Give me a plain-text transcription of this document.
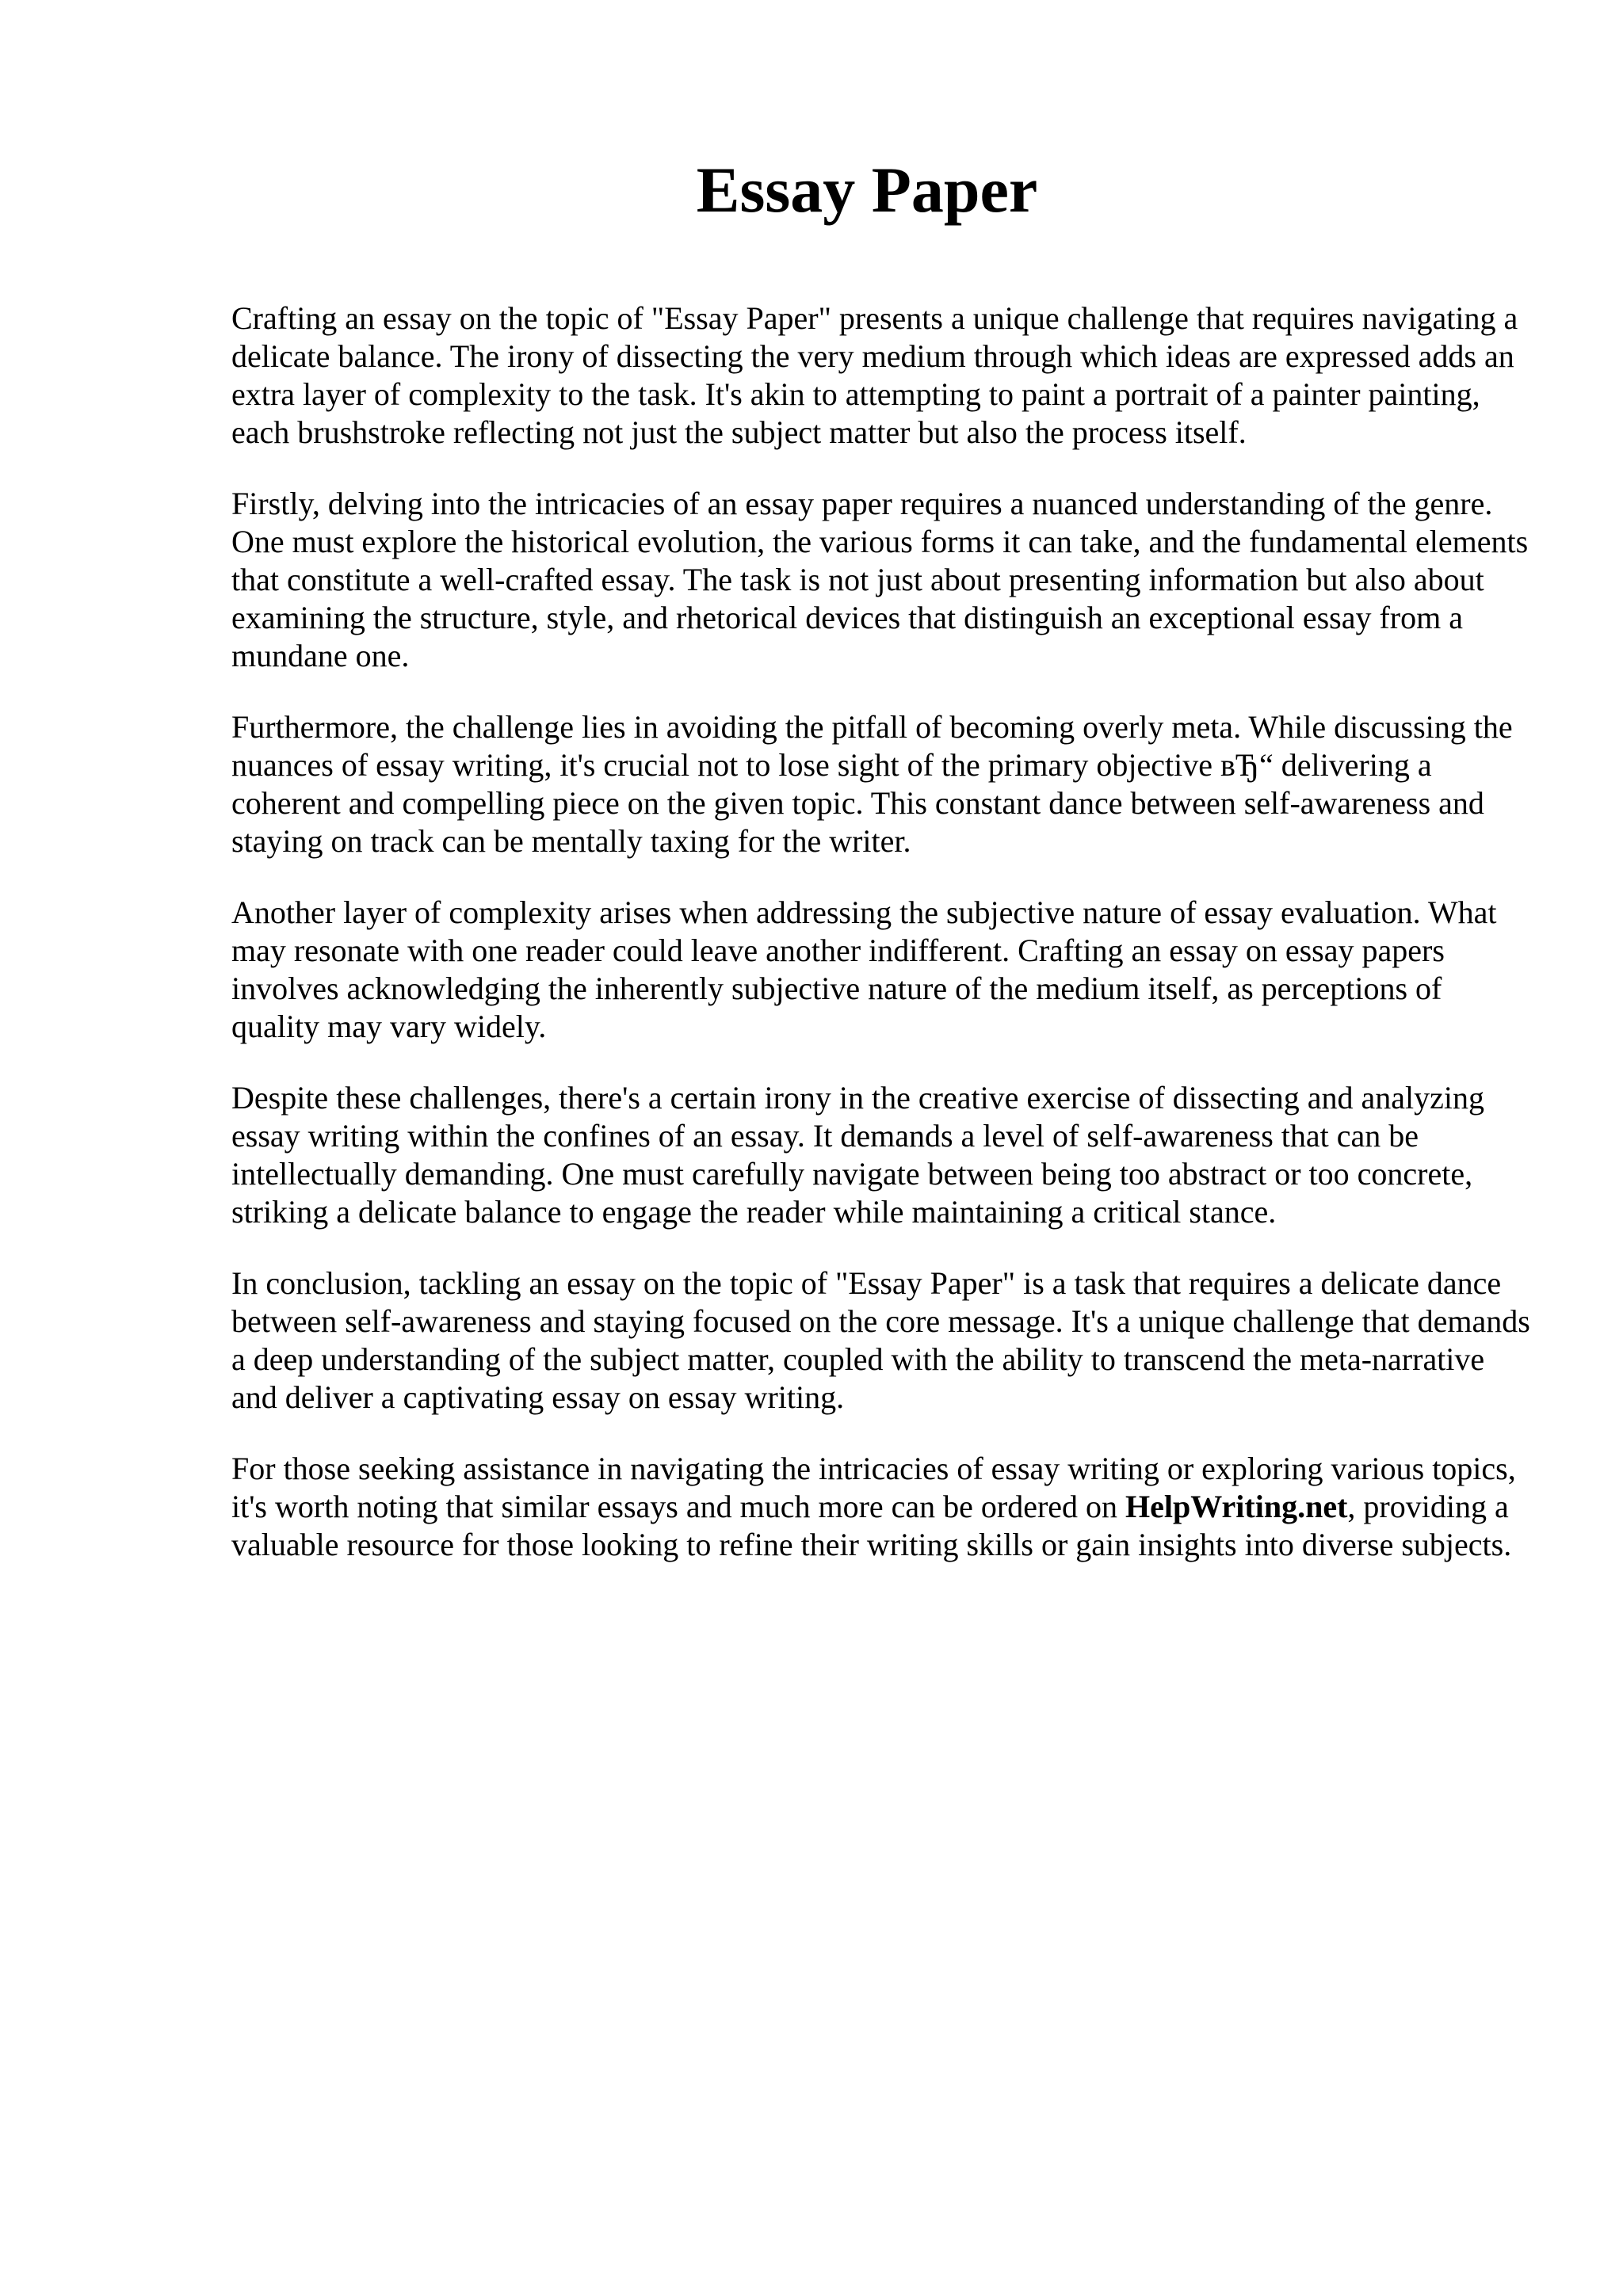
Essay Paper

Crafting an essay on the topic of "Essay Paper" presents a unique challenge that requires navigating a delicate balance. The irony of dissecting the very medium through which ideas are expressed adds an extra layer of complexity to the task. It's akin to attempting to paint a portrait of a painter painting, each brushstroke reflecting not just the subject matter but also the process itself.

Firstly, delving into the intricacies of an essay paper requires a nuanced understanding of the genre. One must explore the historical evolution, the various forms it can take, and the fundamental elements that constitute a well-crafted essay. The task is not just about presenting information but also about examining the structure, style, and rhetorical devices that distinguish an exceptional essay from a mundane one.

Furthermore, the challenge lies in avoiding the pitfall of becoming overly meta. While discussing the nuances of essay writing, it's crucial not to lose sight of the primary objective вЂ“ delivering a coherent and compelling piece on the given topic. This constant dance between self-awareness and staying on track can be mentally taxing for the writer.

Another layer of complexity arises when addressing the subjective nature of essay evaluation. What may resonate with one reader could leave another indifferent. Crafting an essay on essay papers involves acknowledging the inherently subjective nature of the medium itself, as perceptions of quality may vary widely.

Despite these challenges, there's a certain irony in the creative exercise of dissecting and analyzing essay writing within the confines of an essay. It demands a level of self-awareness that can be intellectually demanding. One must carefully navigate between being too abstract or too concrete, striking a delicate balance to engage the reader while maintaining a critical stance.

In conclusion, tackling an essay on the topic of "Essay Paper" is a task that requires a delicate dance between self-awareness and staying focused on the core message. It's a unique challenge that demands a deep understanding of the subject matter, coupled with the ability to transcend the meta-narrative and deliver a captivating essay on essay writing.

For those seeking assistance in navigating the intricacies of essay writing or exploring various topics, it's worth noting that similar essays and much more can be ordered on HelpWriting.net, providing a valuable resource for those looking to refine their writing skills or gain insights into diverse subjects.
